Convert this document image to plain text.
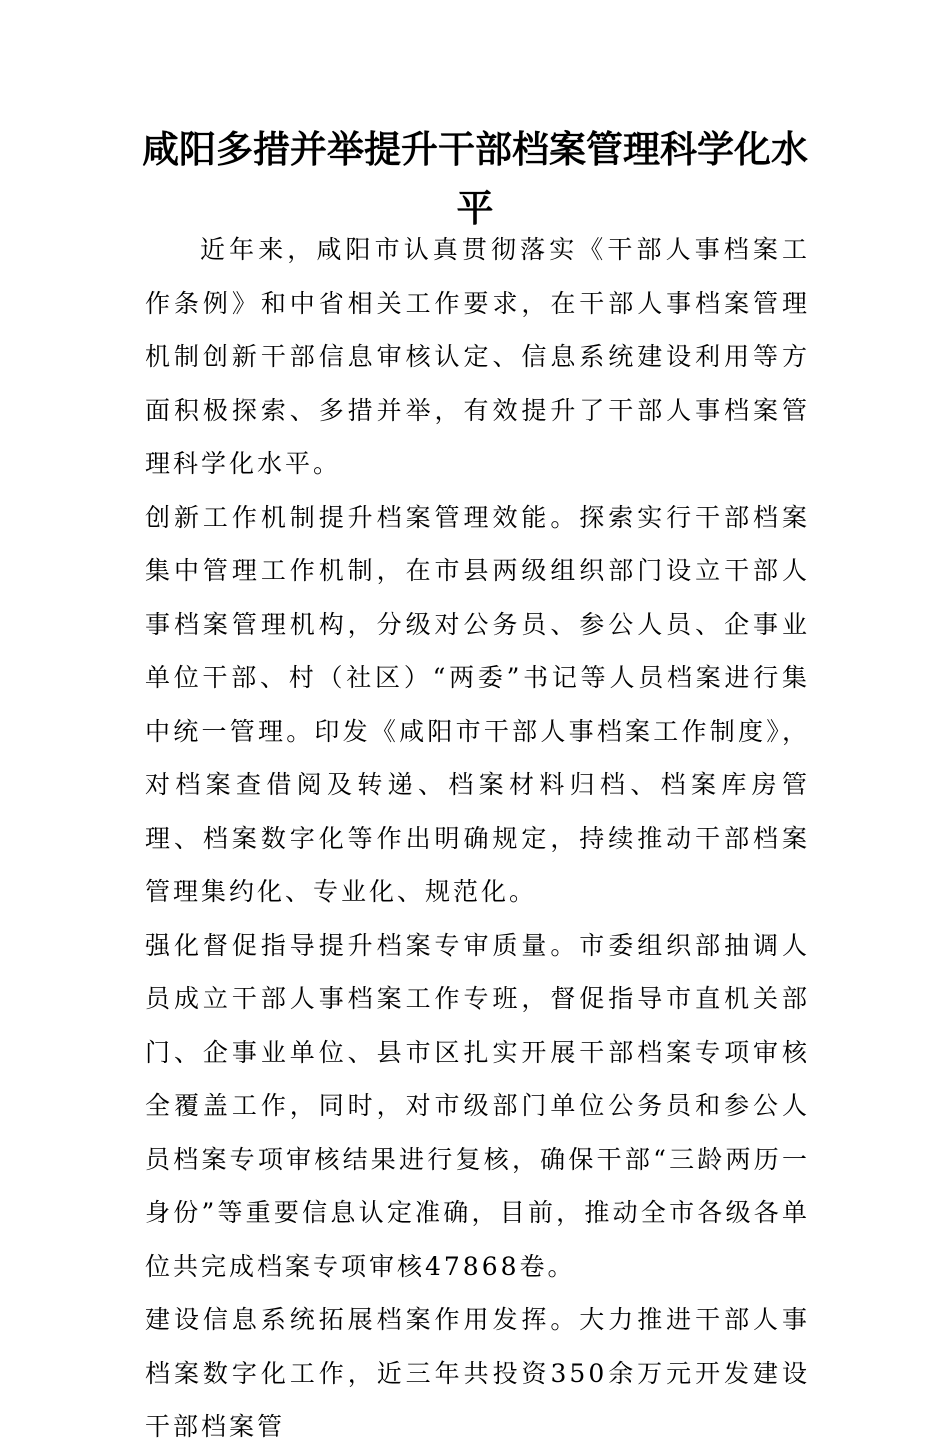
咸阳多措并举提升干部档案管理科学化水平

近年来，咸阳市认真贯彻落实《干部人事档案工作条例》和中省相关工作要求，在干部人事档案管理机制创新干部信息审核认定、信息系统建设利用等方面积极探索、多措并举，有效提升了干部人事档案管理科学化水平。

创新工作机制提升档案管理效能。探索实行干部档案集中管理工作机制，在市县两级组织部门设立干部人事档案管理机构，分级对公务员、参公人员、企事业单位干部、村（社区）“两委”书记等人员档案进行集中统一管理。印发《咸阳市干部人事档案工作制度》，对档案查借阅及转递、档案材料归档、档案库房管理、档案数字化等作出明确规定，持续推动干部档案管理集约化、专业化、规范化。

强化督促指导提升档案专审质量。市委组织部抽调人员成立干部人事档案工作专班，督促指导市直机关部门、企事业单位、县市区扎实开展干部档案专项审核全覆盖工作，同时，对市级部门单位公务员和参公人员档案专项审核结果进行复核，确保干部“三龄两历一身份”等重要信息认定准确，目前，推动全市各级各单位共完成档案专项审核47868卷。

建设信息系统拓展档案作用发挥。大力推进干部人事档案数字化工作，近三年共投资350余万元开发建设干部档案管
